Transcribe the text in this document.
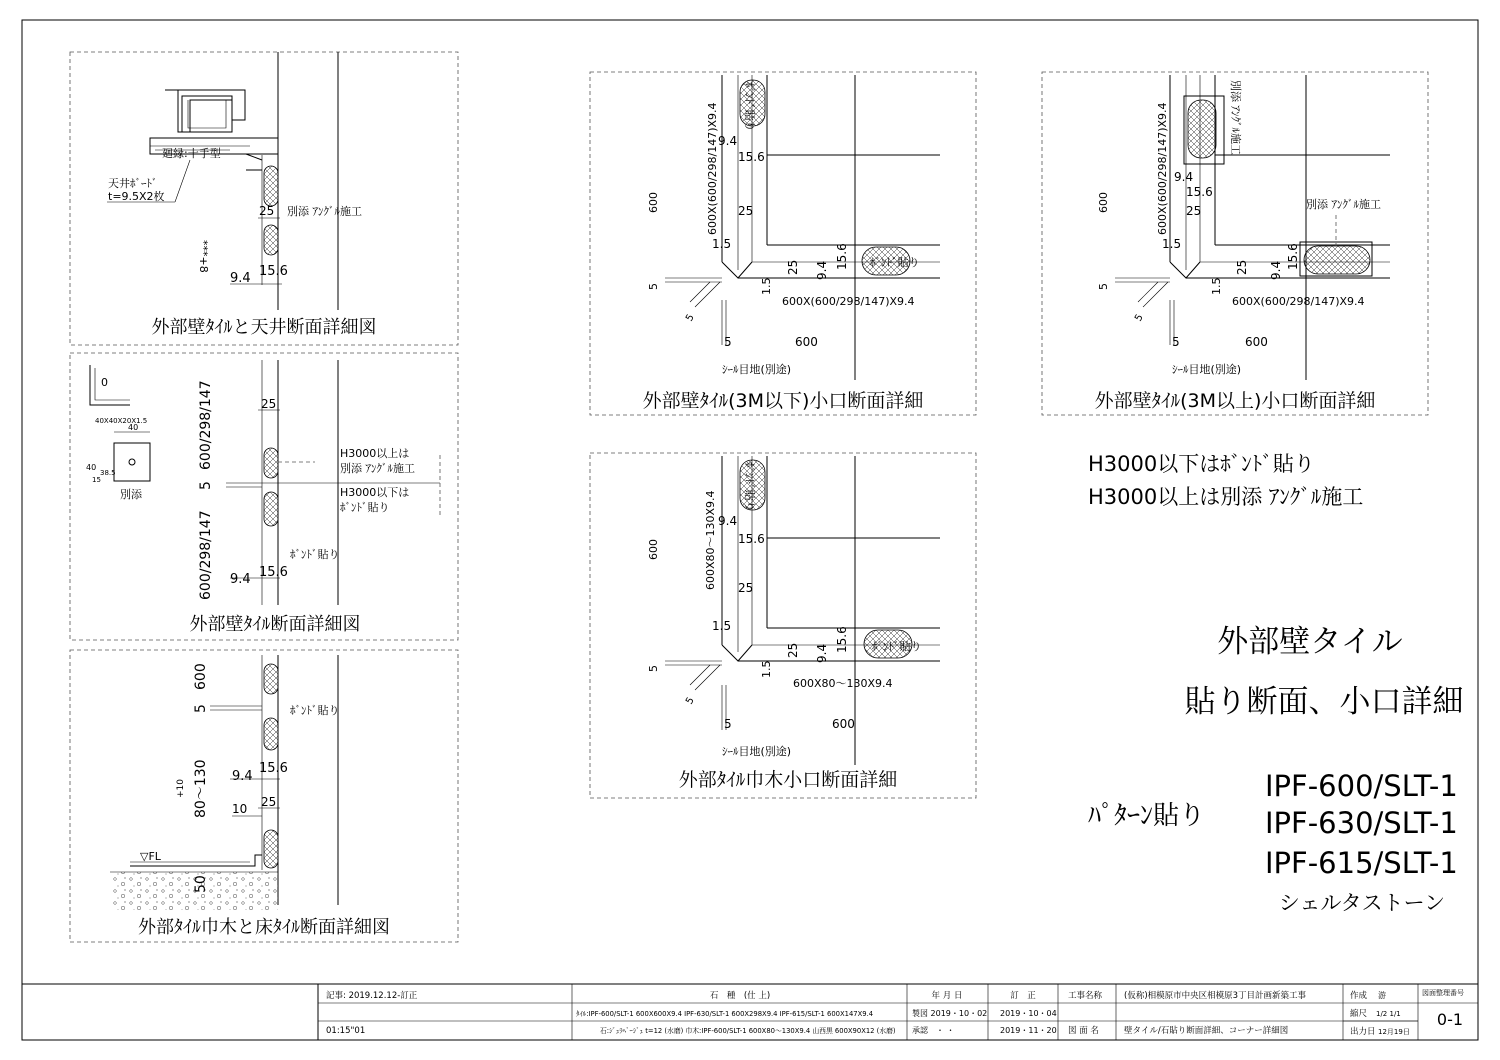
廻縁:十手型
天井ﾎﾞｰﾄﾞ
t=9.5X2枚
別添 ｱﾝｸﾞﾙ施工
***+8
25
9.4 15.6
外部壁ﾀｲﾙと天井断面詳細図
0
40X40X20X1.5
40
40
15
38.5
別添
25
600/298/147
5
600/298/147 9.4 15.6
H3000以上は
別添 ｱﾝｸﾞﾙ施工
H3000以下は
ﾎﾞﾝﾄﾞ貼り
ﾎﾞﾝﾄﾞ貼り
外部壁ﾀｲﾙ断面詳細図
▽FL
ﾎﾞﾝﾄﾞ貼り
600
5
80～130
+10
50
9.4
15.6
10 25
外部ﾀｲﾙ巾木と床ﾀｲﾙ断面詳細図
600X(600/298/147)X9.4 ﾎﾞﾝﾄﾞ貼り
ﾎﾞﾝﾄﾞ貼り
600X(600/298/147)X9.4
9.4
15.6
25
1.5
600
5
25 9.4
15.6
1.5
5
5	600
ｼｰﾙ目地(別途)
外部壁ﾀｲﾙ(3M以下)小口断面詳細
600X(600/298/147)X9.4	別添 ｱﾝｸﾞﾙ施工
別添 ｱﾝｸﾞﾙ施工
600X(600/298/147)X9.4
9.4
15.6
25
1.5
600
5
25 9.4
15.6
1.5
5
5	600
ｼｰﾙ目地(別途)
外部壁ﾀｲﾙ(3M以上)小口断面詳細
600X80～130X9.4
ﾎﾞﾝﾄﾞ貼り
ﾎﾞﾝﾄﾞ貼り
600X80～130X9.4
9.4
15.6
25
1.5
600
5
25 9.4
15.6
1.5
5
5	600
ｼｰﾙ目地(別途)
外部ﾀｲﾙ巾木小口断面詳細
H3000以下はﾎﾞﾝﾄﾞ貼り
H3000以上は別添 ｱﾝｸﾞﾙ施工
外部壁タイル
貼り断面、小口詳細
ﾊﾟﾀｰﾝ貼り
IPF-600/SLT-1
IPF-630/SLT-1
IPF-615/SLT-1
シェルタストーン
記事: 2019.12.12-訂正
01:15"01
石　種　(仕 上)
ﾀｲﾙ:IPF-600/SLT-1 600X600X9.4 IPF-630/SLT-1 600X298X9.4 IPF-615/SLT-1 600X147X9.4
石:ｼﾞｭﾗﾍﾞｰｼﾞｭ t=12 (水磨) 巾木:IPF-600/SLT-1 600X80～130X9.4 山西黒 600X90X12 (水磨)
年 月 日
製図 2019・10・02
承認　・ ・
訂　正
2019・10・04
2019・11・20
工事名称	(仮称)相模原市中央区相模原3丁目計画新築工事
図 面 名	壁タイル/石貼り断面詳細、コーナー詳細図
作成 游
縮尺 1/2 1/1
出力日 12月19日
図面整理番号
0-1
